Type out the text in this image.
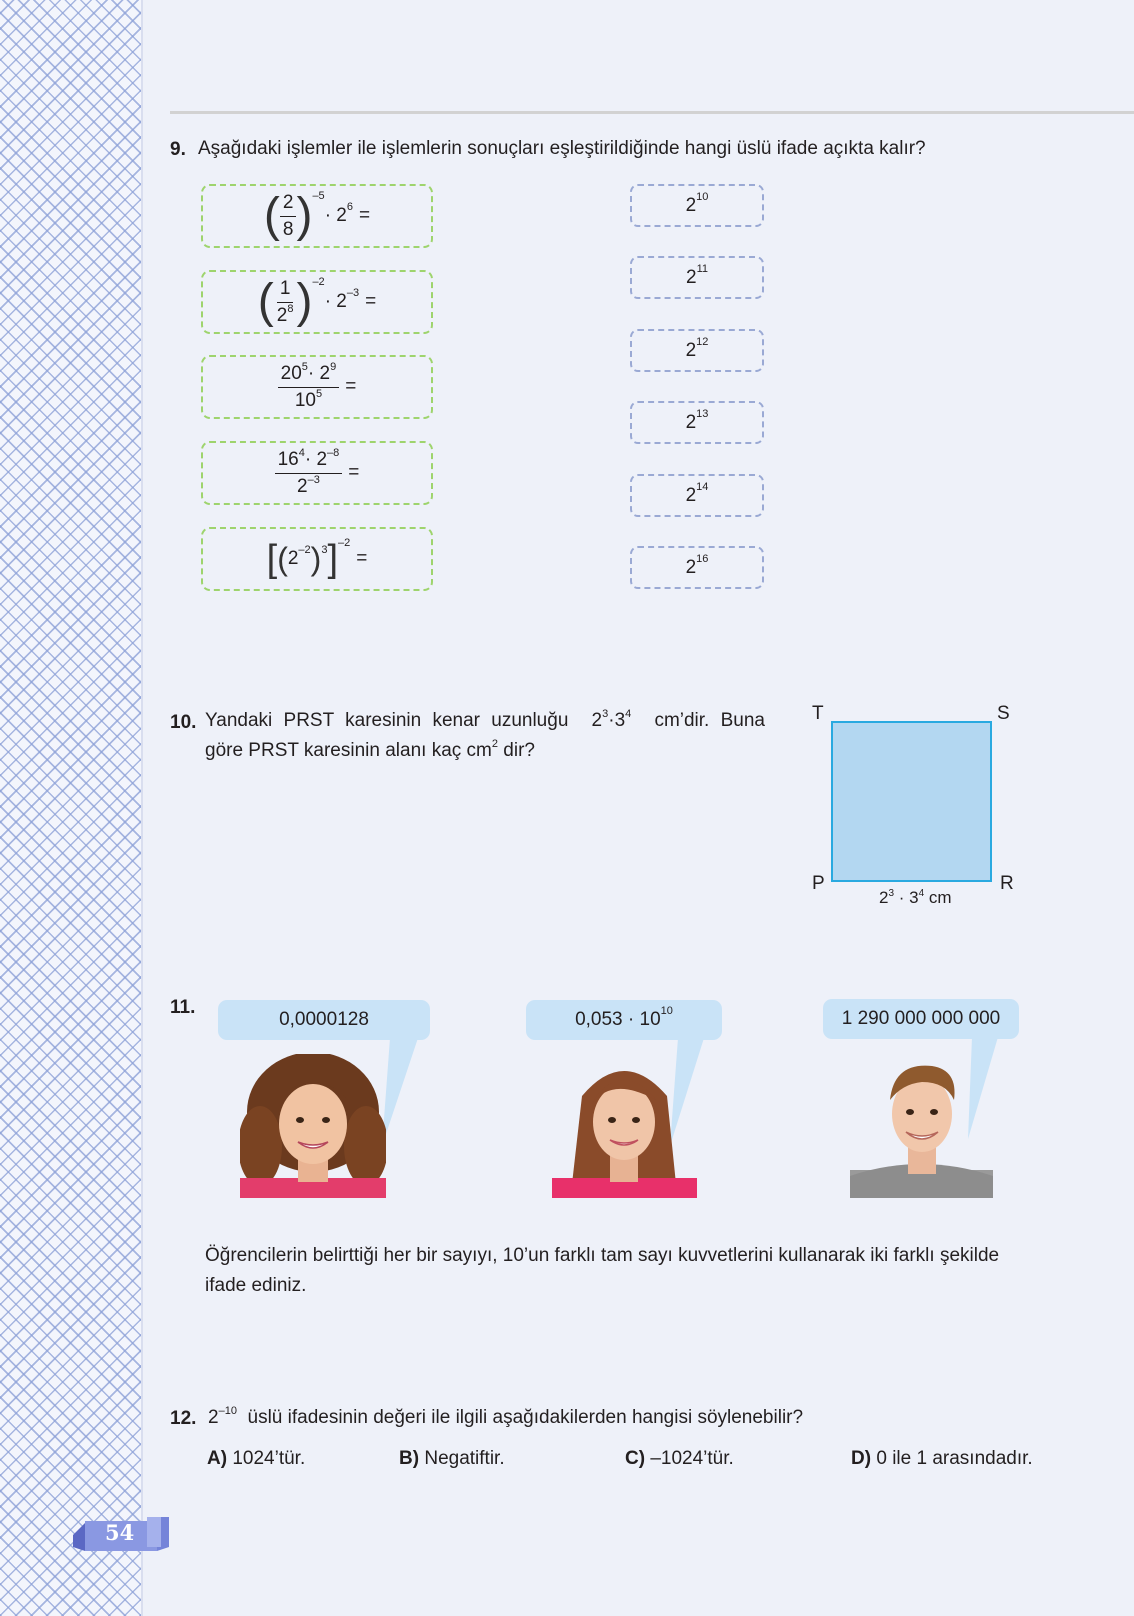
9. Aşağıdaki işlemler ile işlemlerin sonuçları eşleştirildiğinde hangi üslü ifade açıkta kalır?
( $\frac{2}{8} )^{-5}$
· $2^6$ =
( $\frac{1}{2^8} )^{-2}$
· $2^{-3}$ =
$\frac{20^5\cdot 2^9}{10^5}$ =
$\frac{16^4\cdot 2^{-8}}{2^{-3}}$ =
[ ( $2^{-2}$ )$^3$ ]$^{-2}$
=
$2^{10}$
$2^{11}$
$2^{12}$
$2^{13}$
$2^{14}$
$2^{16}$
10. Yandaki PRST karesinin kenar uzunluğu $2^3\cdot 3^4$ cm’dir. Buna
göre PRST karesinin alanı kaç $cm^2$ dir?
T	S
P	R
$2^3 \cdot 3^4$ cm
11.
0,0000128	$0,053 \cdot 10^{10}$	1 290 000 000 000
Öğrencilerin belirttiği her bir sayıyı, 10’un farklı tam sayı kuvvetlerini kullanarak iki farklı şekilde
ifade ediniz.
12. $2^{-10}$ üslü ifadesinin değeri ile ilgili aşağıdakilerden hangisi söylenebilir?
A) 1024’tür.	B) Negatiftir.	C) –1024’tür.	D) 0 ile 1 arasındadır.
54
